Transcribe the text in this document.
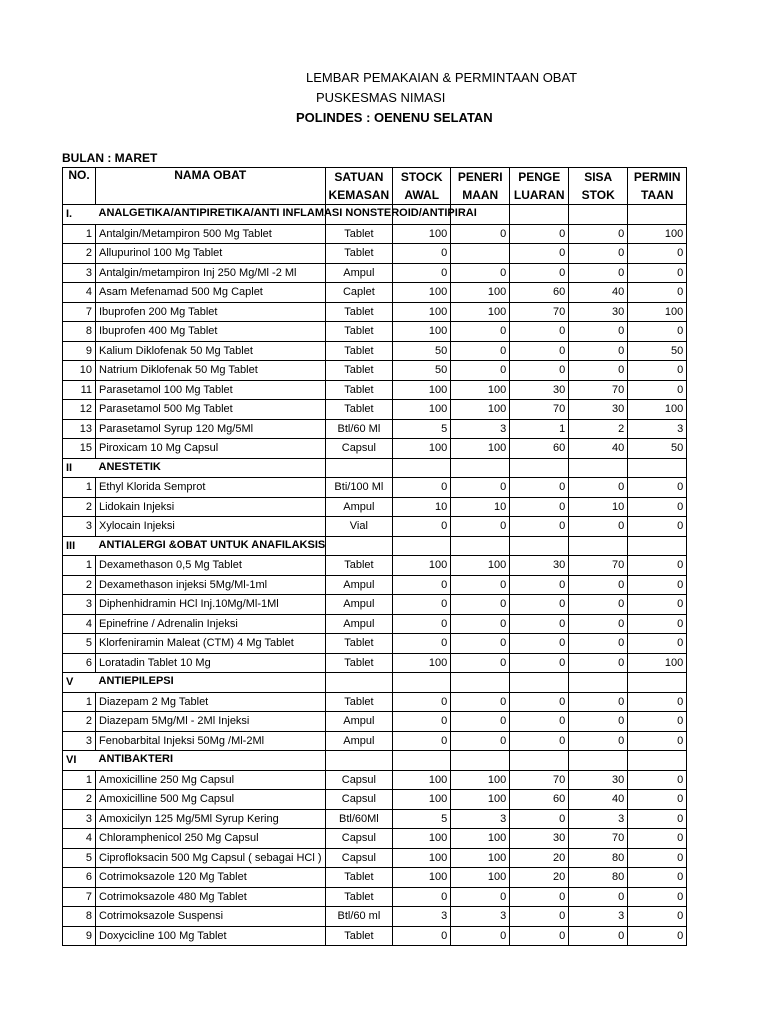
LEMBAR PEMAKAIAN & PERMINTAAN OBAT
PUSKESMAS NIMASI
POLINDES : OENENU SELATAN
BULAN : MARET
NO.	NAMA OBAT	SATUAN	STOCK	PENERI	PENGE	SISA	PERMIN
		KEMASAN	AWAL	MAAN	LUARAN	STOK	TAAN
I.	ANALGETIKA/ANTIPIRETIKA/ANTI INFLAMASI NONSTEROID/ANTIPIRAI						

1	Antalgin/Metampiron 500 Mg Tablet	Tablet	100	0	0	0	100
2	Allupurinol 100 Mg Tablet	Tablet	0		0	0	0
3	Antalgin/metampiron Inj 250 Mg/Ml -2 Ml	Ampul	0	0	0	0	0
4	Asam Mefenamad 500 Mg Caplet	Caplet	100	100	60	40	0
7	Ibuprofen 200 Mg Tablet	Tablet	100	100	70	30	100
8	Ibuprofen 400 Mg Tablet	Tablet	100	0	0	0	0
9	Kalium Diklofenak 50 Mg Tablet	Tablet	50	0	0	0	50
10	Natrium Diklofenak 50 Mg Tablet	Tablet	50	0	0	0	0
11	Parasetamol 100 Mg Tablet	Tablet	100	100	30	70	0
12	Parasetamol 500 Mg Tablet	Tablet	100	100	70	30	100
13	Parasetamol Syrup 120 Mg/5Ml	Btl/60 Ml	5	3	1	2	3
15	Piroxicam 10 Mg Capsul	Capsul	100	100	60	40	50
II	ANESTETIK						

1	Ethyl Klorida Semprot	Bti/100 Ml	0	0	0	0	0
2	Lidokain Injeksi	Ampul	10	10	0	10	0
3	Xylocain Injeksi	Vial	0	0	0	0	0
III	ANTIALERGI &OBAT UNTUK ANAFILAKSIS						

1	Dexamethason 0,5 Mg Tablet	Tablet	100	100	30	70	0
2	Dexamethason injeksi 5Mg/Ml-1ml	Ampul	0	0	0	0	0
3	Diphenhidramin HCl Inj.10Mg/Ml-1Ml	Ampul	0	0	0	0	0
4	Epinefrine / Adrenalin Injeksi	Ampul	0	0	0	0	0
5	Klorfeniramin Maleat (CTM) 4 Mg Tablet	Tablet	0	0	0	0	0
6	Loratadin Tablet 10 Mg	Tablet	100	0	0	0	100
V	ANTIEPILEPSI						

1	Diazepam 2 Mg Tablet	Tablet	0	0	0	0	0
2	Diazepam 5Mg/Ml - 2Ml Injeksi	Ampul	0	0	0	0	0
3	Fenobarbital Injeksi 50Mg /Ml-2Ml	Ampul	0	0	0	0	0
VI	ANTIBAKTERI						

1	Amoxicilline 250 Mg Capsul	Capsul	100	100	70	30	0
2	Amoxicilline 500 Mg Capsul	Capsul	100	100	60	40	0
3	Amoxicilyn 125 Mg/5Ml Syrup Kering	Btl/60Ml	5	3	0	3	0
4	Chloramphenicol 250 Mg Capsul	Capsul	100	100	30	70	0
5	Ciprofloksacin 500 Mg Capsul ( sebagai HCl )	Capsul	100	100	20	80	0
6	Cotrimoksazole 120 Mg Tablet	Tablet	100	100	20	80	0
7	Cotrimoksazole 480 Mg Tablet	Tablet	0	0	0	0	0
8	Cotrimoksazole Suspensi	Btl/60 ml	3	3	0	3	0
9	Doxycicline 100 Mg Tablet	Tablet	0	0	0	0	0
